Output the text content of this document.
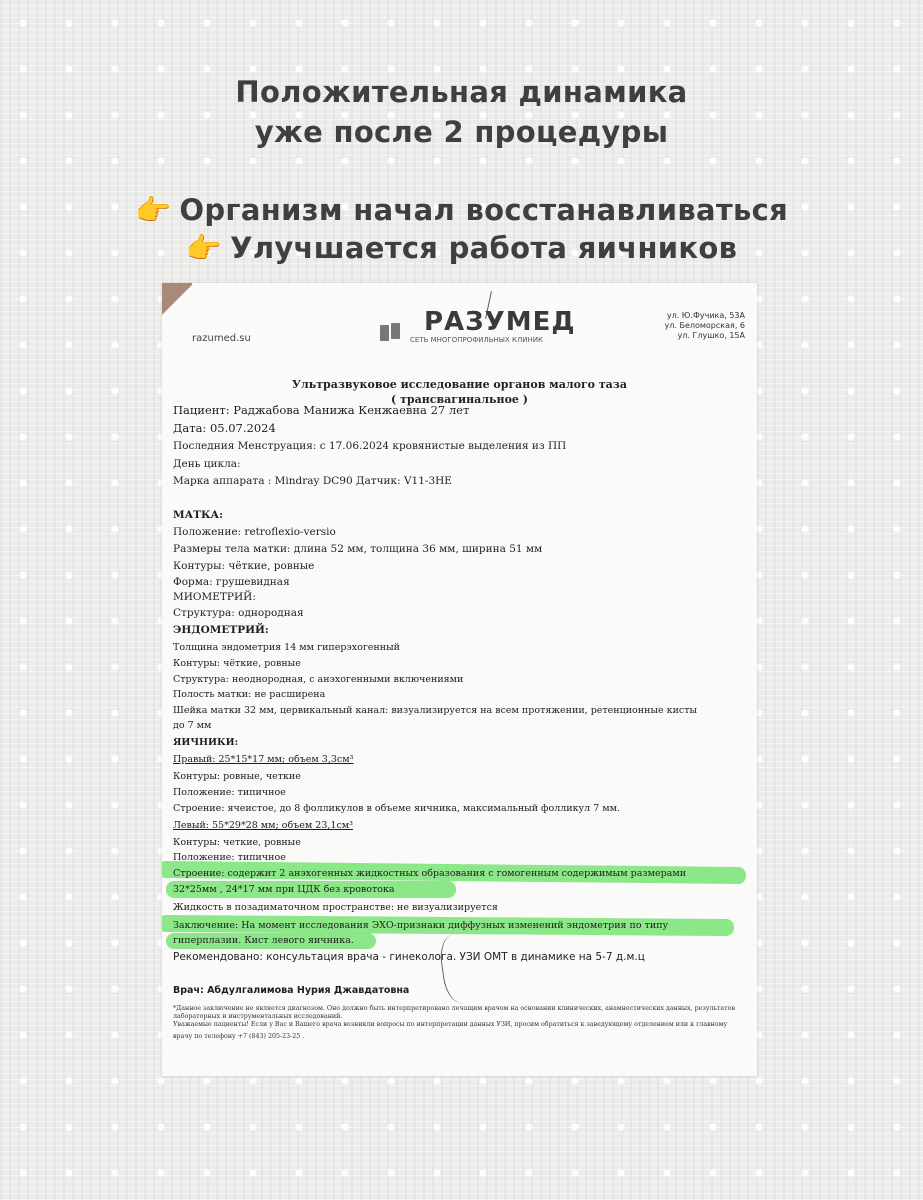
Положительная динамика
уже после 2 процедуры
👉 Организм начал восстанавливаться
👉 Улучшается работа яичников
razumed.su
РАЗУМЕД
СЕТЬ МНОГОПРОФИЛЬНЫХ КЛИНИК
ул. Ю.Фучика, 53А
ул. Беломорская, 6
ул. Глушко, 15А
Ультразвуковое исследование органов малого таза
( трансвагинальное )
Пациент: Раджабова Манижа Кенжаевна 27 лет
Дата: 05.07.2024
Последния Менструация: с 17.06.2024 кровянистые выделения из ПП
День цикла:
Марка аппарата : Mindray DC90 Датчик: V11-3HE
МАТКА:
Положение: retroflexio-versio
Размеры тела матки: длина 52 мм, толщина 36 мм, ширина 51 мм
Контуры: чёткие, ровные
Форма: грушевидная
МИОМЕТРИЙ:
Структура: однородная
ЭНДОМЕТРИЙ:
Толщина эндометрия 14 мм гиперэхогенный
Контуры: чёткие, ровные
Структура: неоднородная, с анэхогенными включениями
Полость матки: не расширена
Шейка матки 32 мм, цервикальный канал: визуализируется на всем протяжении, ретенционные кисты
до 7 мм
ЯИЧНИКИ:
Правый: 25*15*17 мм; объем 3,3см³
Контуры: ровные, четкие
Положение: типичное
Строение: ячеистое, до 8 фолликулов в объеме яичника, максимальный фолликул 7 мм.
Левый: 55*29*28 мм; объем 23,1см³
Контуры: четкие, ровные
Положение: типичное
Строение: содержит 2 анэхогенных жидкостных образования с гомогенным содержимым размерами
32*25мм , 24*17 мм при ЦДК без кровотока
Жидкость в позадиматочном пространстве: не визуализируется
Заключение: На момент исследования ЭХО-признаки диффузных изменений эндометрия по типу
гиперплазии. Кист левого яичника.
Рекомендовано: консультация врача - гинеколога. УЗИ ОМТ в динамике на 5-7 д.м.ц
Врач: Абдулгалимова Нурия Джавдатовна
*Данное заключение не является диагнозом. Оно должно быть интерпретировано лечащим врачом на основании клинических, анамнестических данных, результатов
лабораторных и инструментальных исследований.
Уважаемые пациенты! Если у Вас и Вашего врача возникли вопросы по интерпретации данных УЗИ, просим обратиться к заведующему отделением или к главному
врачу по телефону +7 (843) 205-23-25 .
